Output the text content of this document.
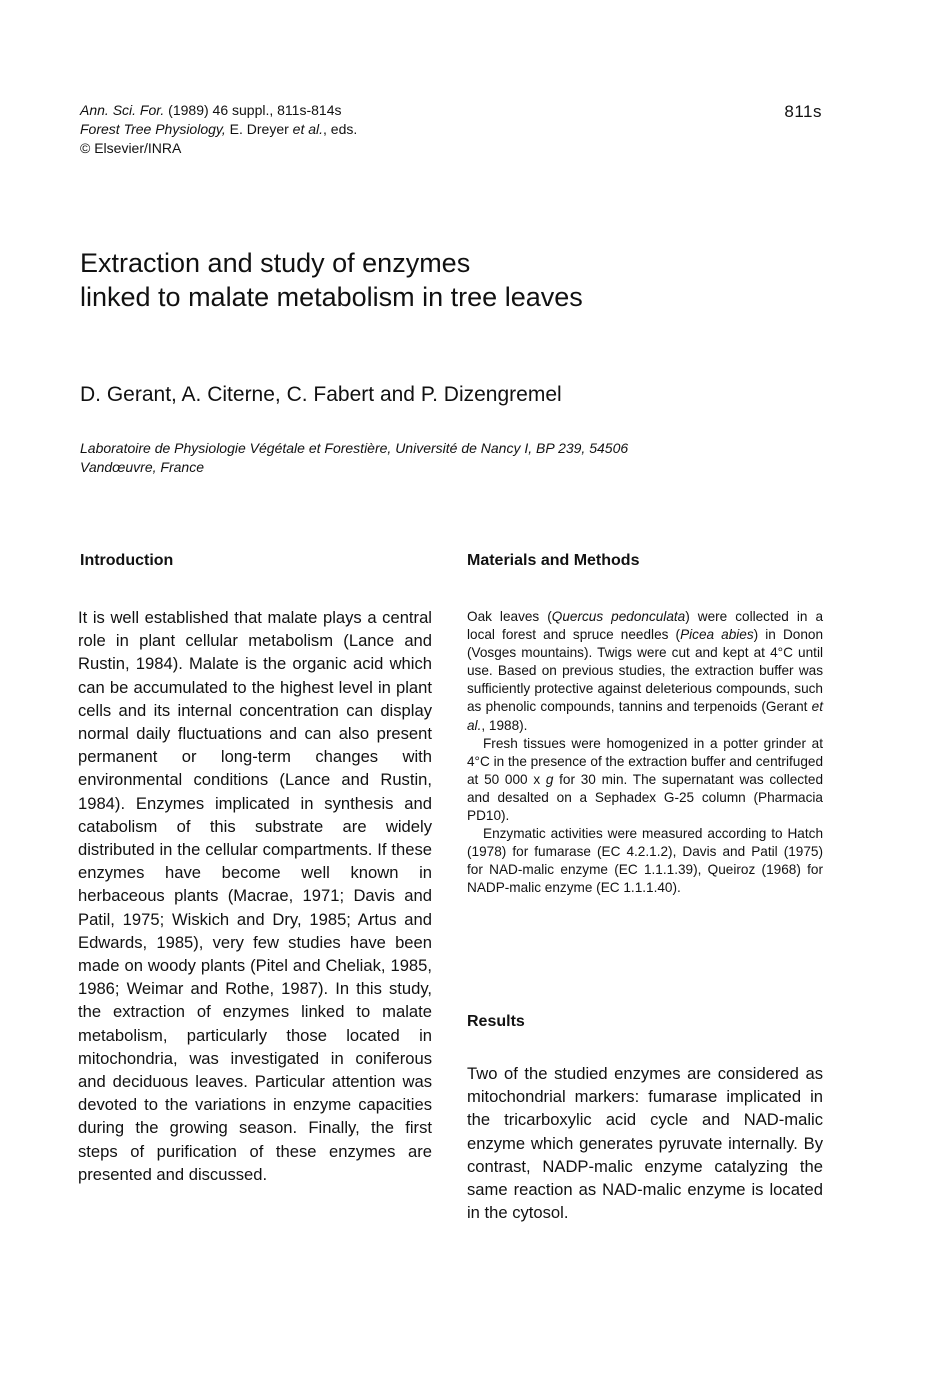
Ann. Sci. For. (1989) 46 suppl., 811s-814s
Forest Tree Physiology, E. Dreyer et al., eds.
© Elsevier/INRA
811s
Extraction and study of enzymes
linked to malate metabolism in tree leaves
D. Gerant, A. Citerne, C. Fabert and P. Dizengremel
Laboratoire de Physiologie Végétale et Forestière, Université de Nancy I, BP 239, 54506
Vandœuvre, France
Introduction

It is well established that malate plays a central role in plant cellular metabolism (Lance and Rustin, 1984). Malate is the organic acid which can be accumulated to the highest level in plant cells and its internal concentration can display normal daily fluctuations and can also present permanent or long-term changes with environmental conditions (Lance and Rustin, 1984). Enzymes implicated in synthesis and catabolism of this substrate are widely distributed in the cellular compartments. If these enzymes have become well known in herbaceous plants (Macrae, 1971; Davis and Patil, 1975; Wiskich and Dry, 1985; Artus and Edwards, 1985), very few studies have been made on woody plants (Pitel and Cheliak, 1985, 1986; Weimar and Rothe, 1987). In this study, the extraction of enzymes linked to malate metabolism, particularly those located in mitochondria, was investigated in coniferous and deciduous leaves. Particular attention was devoted to the variations in enzyme capacities during the growing season. Finally, the first steps of purification of these enzymes are presented and discussed.

Materials and Methods

Oak leaves (Quercus pedonculata) were collected in a local forest and spruce needles (Picea abies) in Donon (Vosges mountains). Twigs were cut and kept at 4°C until use. Based on previous studies, the extraction buffer was sufficiently protective against deleterious compounds, such as phenolic compounds, tannins and terpenoids (Gerant et al., 1988).

Fresh tissues were homogenized in a potter grinder at 4°C in the presence of the extraction buffer and centrifuged at 50 000 x g for 30 min. The supernatant was collected and desalted on a Sephadex G-25 column (Pharmacia PD10).

Enzymatic activities were measured according to Hatch (1978) for fumarase (EC 4.2.1.2), Davis and Patil (1975) for NAD-malic enzyme (EC 1.1.1.39), Queiroz (1968) for NADP-malic enzyme (EC 1.1.1.40).

Results

Two of the studied enzymes are considered as mitochondrial markers: fumarase implicated in the tricarboxylic acid cycle and NAD-malic enzyme which generates pyruvate internally. By contrast, NADP-malic enzyme catalyzing the same reaction as NAD-malic enzyme is located in the cytosol.
